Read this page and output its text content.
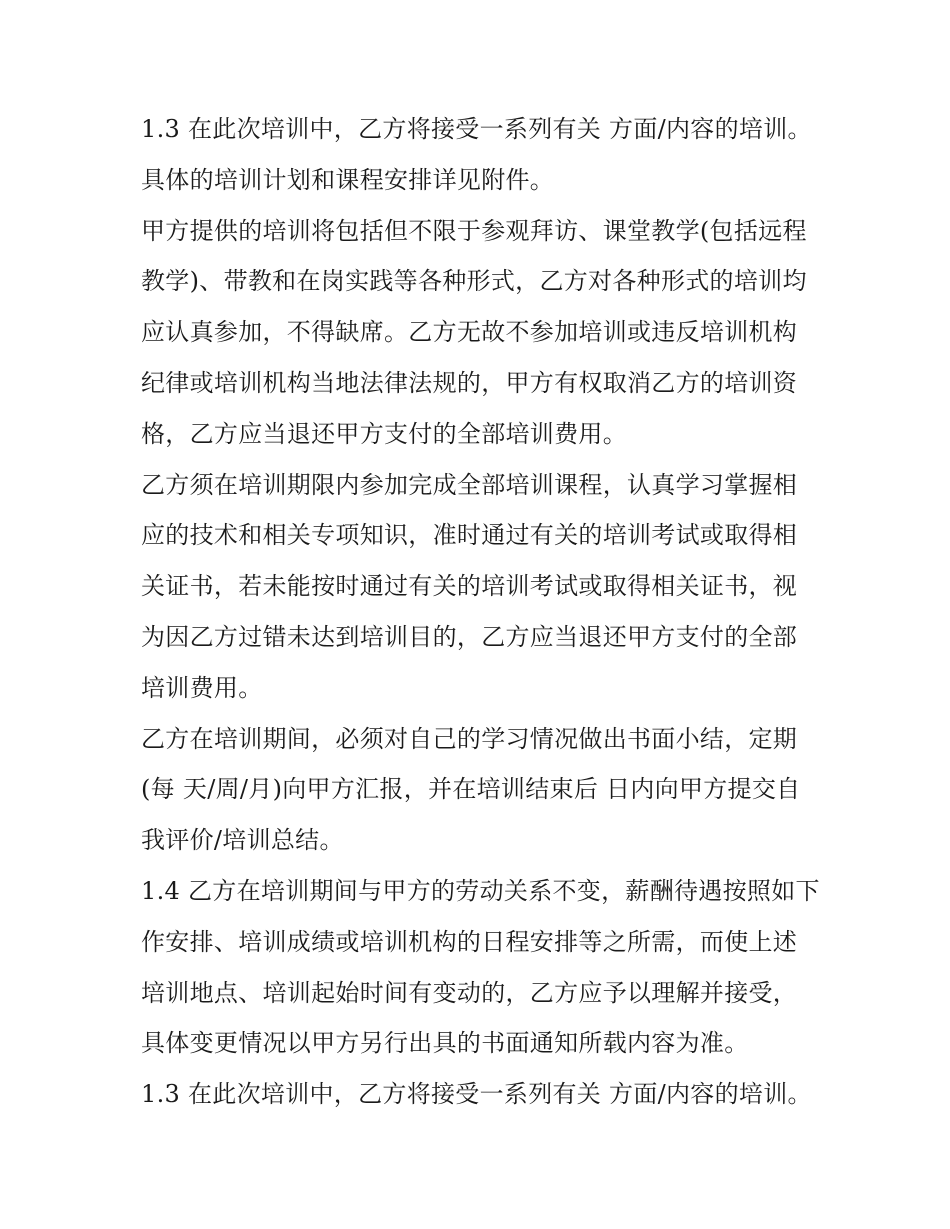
1.3 在此次培训中，乙方将接受一系列有关 方面/内容的培训。具体的培训计划和课程安排详见附件。

甲方提供的培训将包括但不限于参观拜访、课堂教学(包括远程教学)、带教和在岗实践等各种形式，乙方对各种形式的培训均应认真参加，不得缺席。乙方无故不参加培训或违反培训机构纪律或培训机构当地法律法规的，甲方有权取消乙方的培训资格，乙方应当退还甲方支付的全部培训费用。

乙方须在培训期限内参加完成全部培训课程，认真学习掌握相应的技术和相关专项知识，准时通过有关的培训考试或取得相关证书，若未能按时通过有关的培训考试或取得相关证书，视为因乙方过错未达到培训目的，乙方应当退还甲方支付的全部培训费用。

乙方在培训期间，必须对自己的学习情况做出书面小结，定期(每 天/周/月)向甲方汇报，并在培训结束后 日内向甲方提交自我评价/培训总结。

1.4 乙方在培训期间与甲方的劳动关系不变，薪酬待遇按照如下作安排、培训成绩或培训机构的日程安排等之所需，而使上述培训地点、培训起始时间有变动的，乙方应予以理解并接受，具体变更情况以甲方另行出具的书面通知所载内容为准。

1.3 在此次培训中，乙方将接受一系列有关 方面/内容的培训。
